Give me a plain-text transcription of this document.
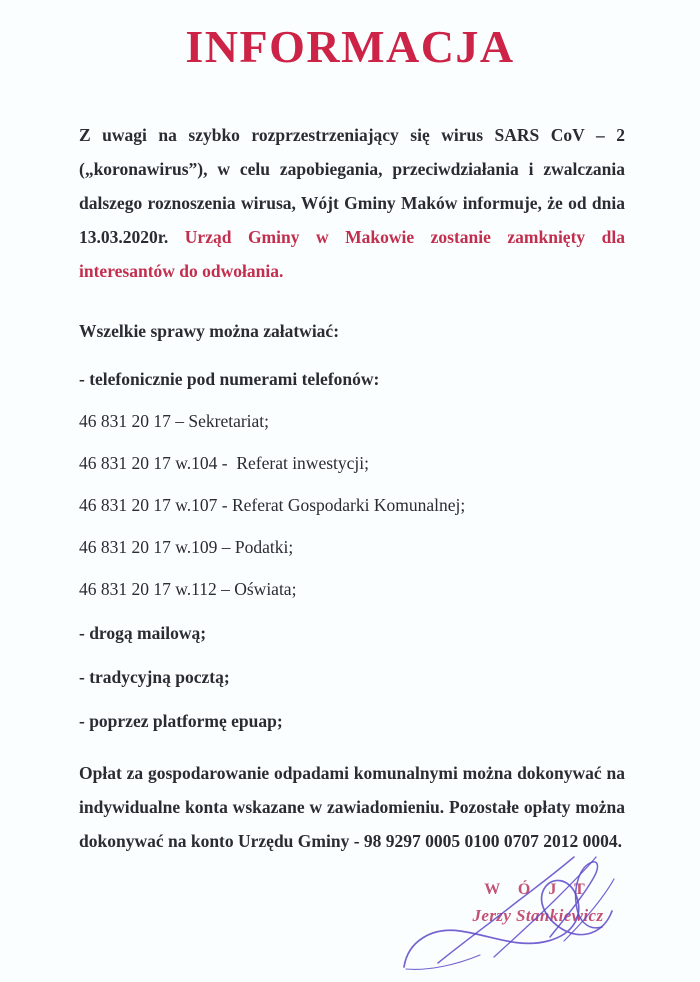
INFORMACJA

Z uwagi na szybko rozprzestrzeniający się wirus SARS CoV – 2 („koronawirus”), w celu zapobiegania, przeciwdziałania i zwalczania dalszego roznoszenia wirusa, Wójt Gminy Maków informuje, że od dnia 13.03.2020r. Urząd Gminy w Makowie zostanie zamknięty dla interesantów do odwołania.

Wszelkie sprawy można załatwiać:
- telefonicznie pod numerami telefonów:
46 831 20 17 – Sekretariat;
46 831 20 17 w.104 -  Referat inwestycji;
46 831 20 17 w.107 - Referat Gospodarki Komunalnej;
46 831 20 17 w.109 – Podatki;
46 831 20 17 w.112 – Oświata;
- drogą mailową;
- tradycyjną pocztą;
- poprzez platformę epuap;

Opłat za gospodarowanie odpadami komunalnymi można dokonywać na indywidualne konta wskazane w zawiadomieniu. Pozostałe opłaty można dokonywać na konto Urzędu Gminy - 98 9297 0005 0100 0707 2012 0004.

W Ó J T
Jerzy Stankiewicz
